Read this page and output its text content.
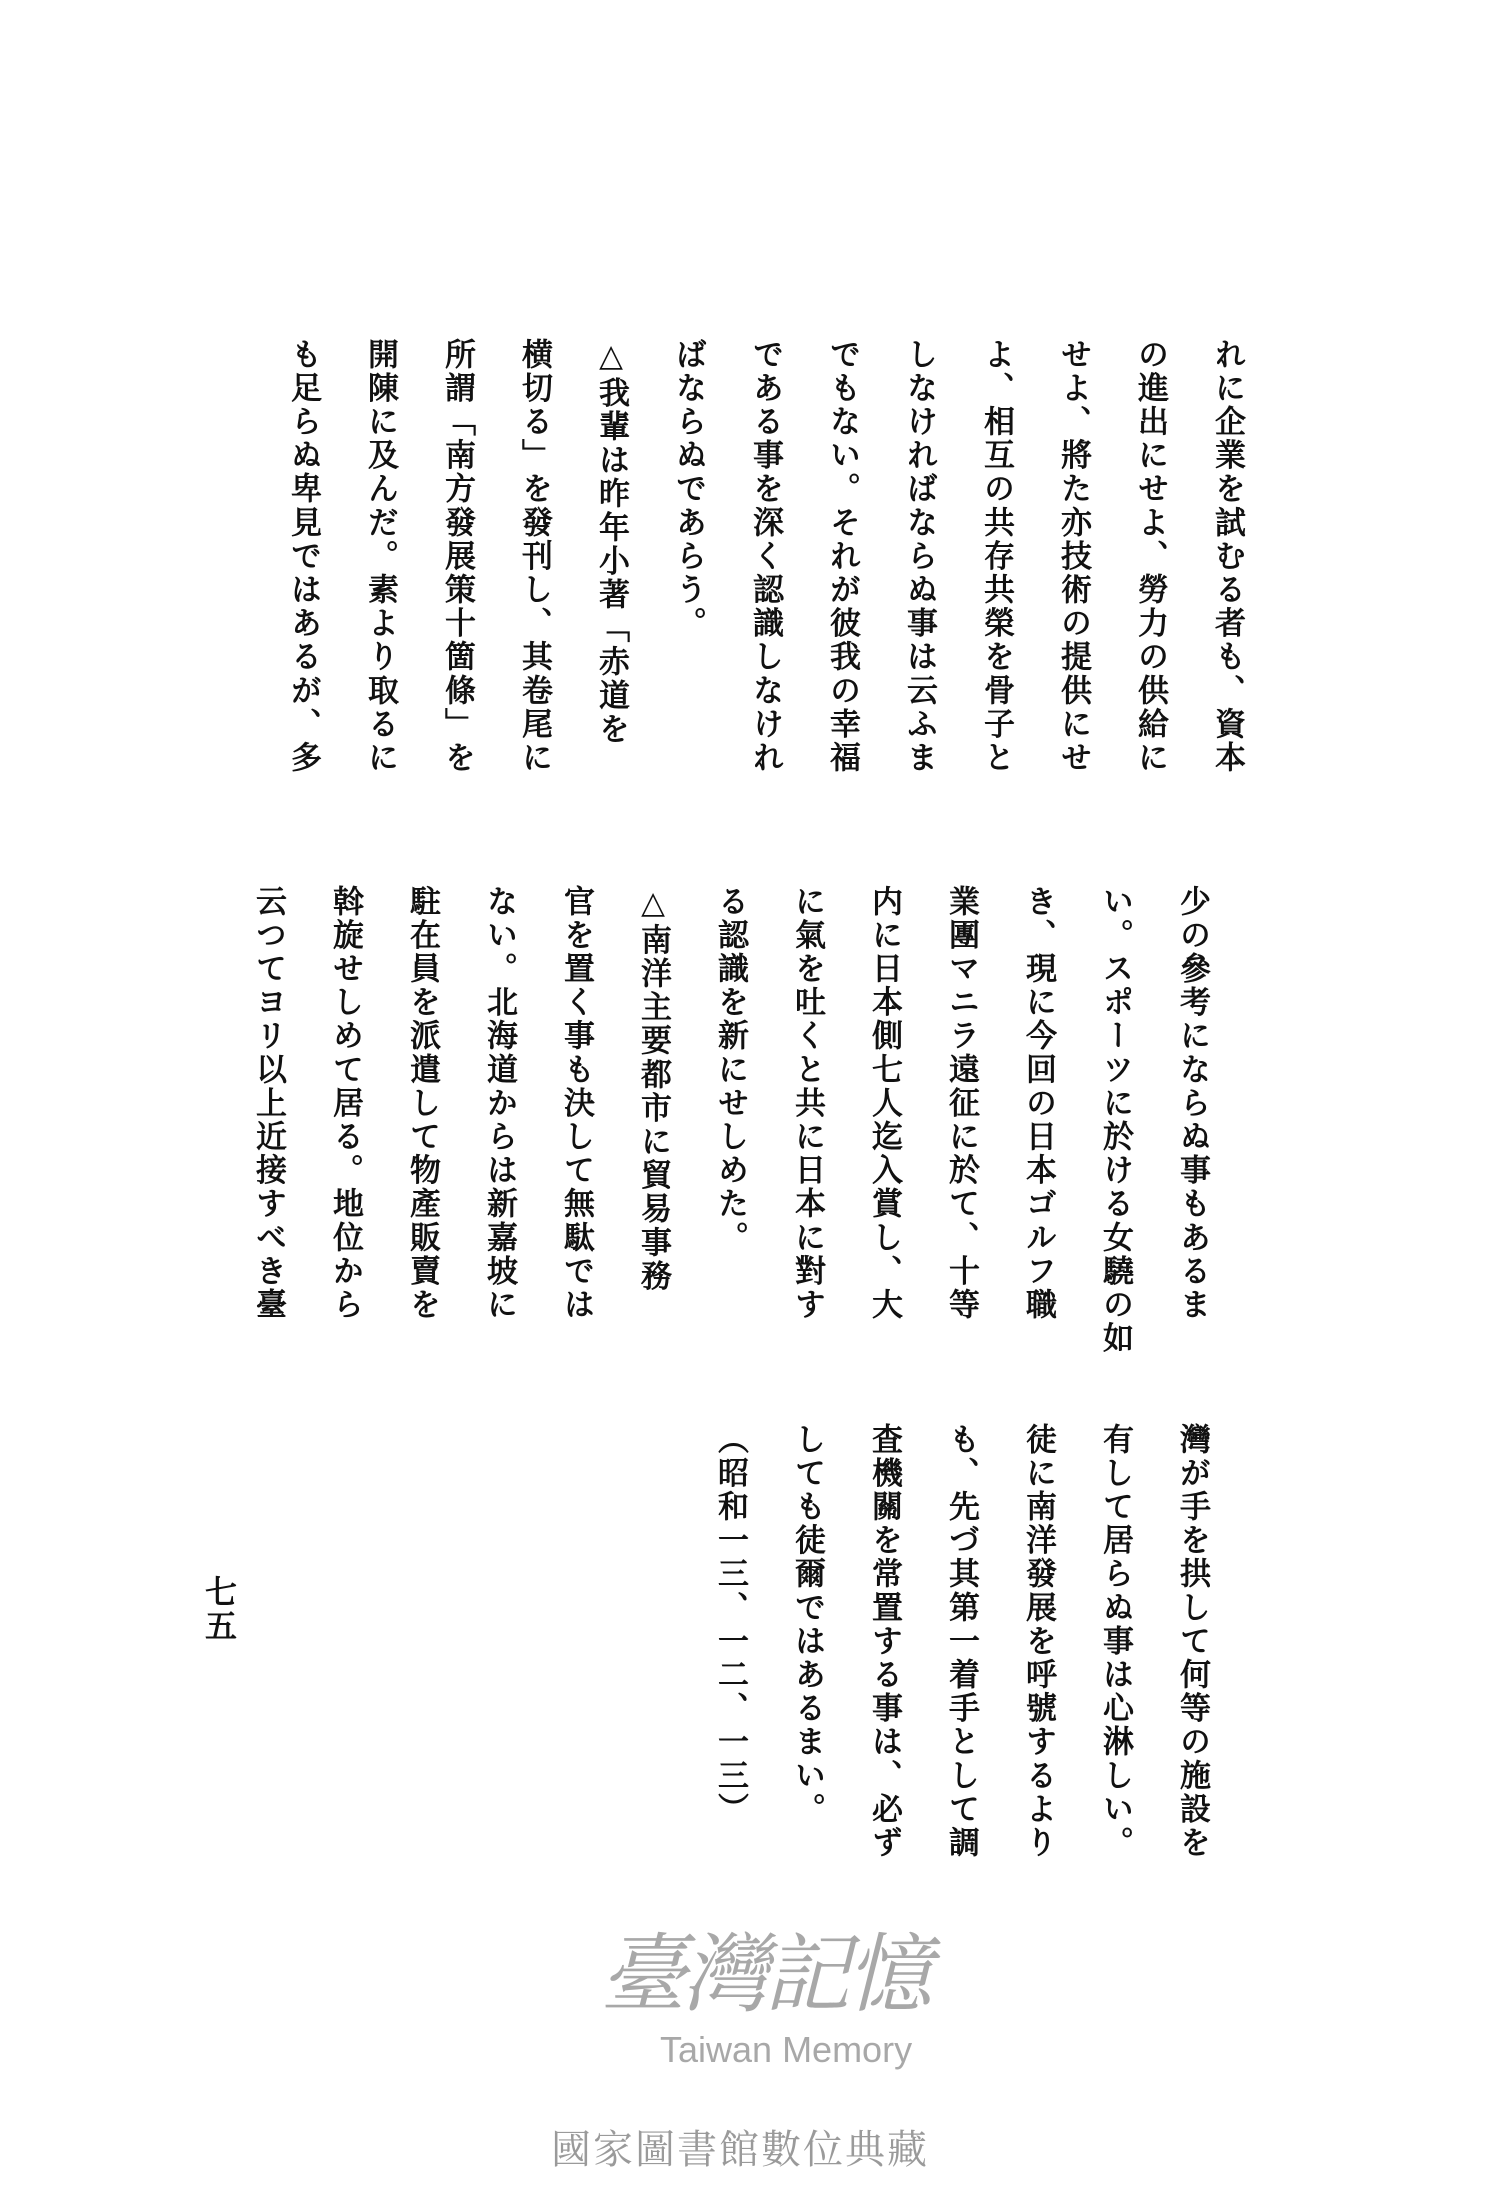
れに企業を試むる者も、資本
の進出にせよ、勞力の供給に
せよ、將た亦技術の提供にせ
よ、相互の共存共榮を骨子と
しなければならぬ事は云ふま
でもない。それが彼我の幸福
である事を深く認識しなけれ
ばならぬであらう。
△我輩は昨年小著「赤道を
横切る」を發刊し、其卷尾に
所謂「南方發展策十箇條」を
開陳に及んだ。素より取るに
も足らぬ卑見ではあるが、多
少の參考にならぬ事もあるま
い。スポーツに於ける女驍の如
き、現に今回の日本ゴルフ職
業團マニラ遠征に於て、十等
内に日本側七人迄入賞し、大
に氣を吐くと共に日本に對す
る認識を新にせしめた。
△南洋主要都市に貿易事務
官を置く事も決して無駄では
ない。北海道からは新嘉坡に
駐在員を派遣して物產販賣を
斡旋せしめて居る。地位から
云つてヨリ以上近接すべき臺
灣が手を拱して何等の施設を
有して居らぬ事は心淋しい。
徒に南洋發展を呼號するより
も、先づ其第一着手として調
査機關を常置する事は、必ず
しても徒爾ではあるまい。
（昭和一三、一二、一三）
臺灣記憶
Taiwan Memory
七五
國家圖書館數位典藏
